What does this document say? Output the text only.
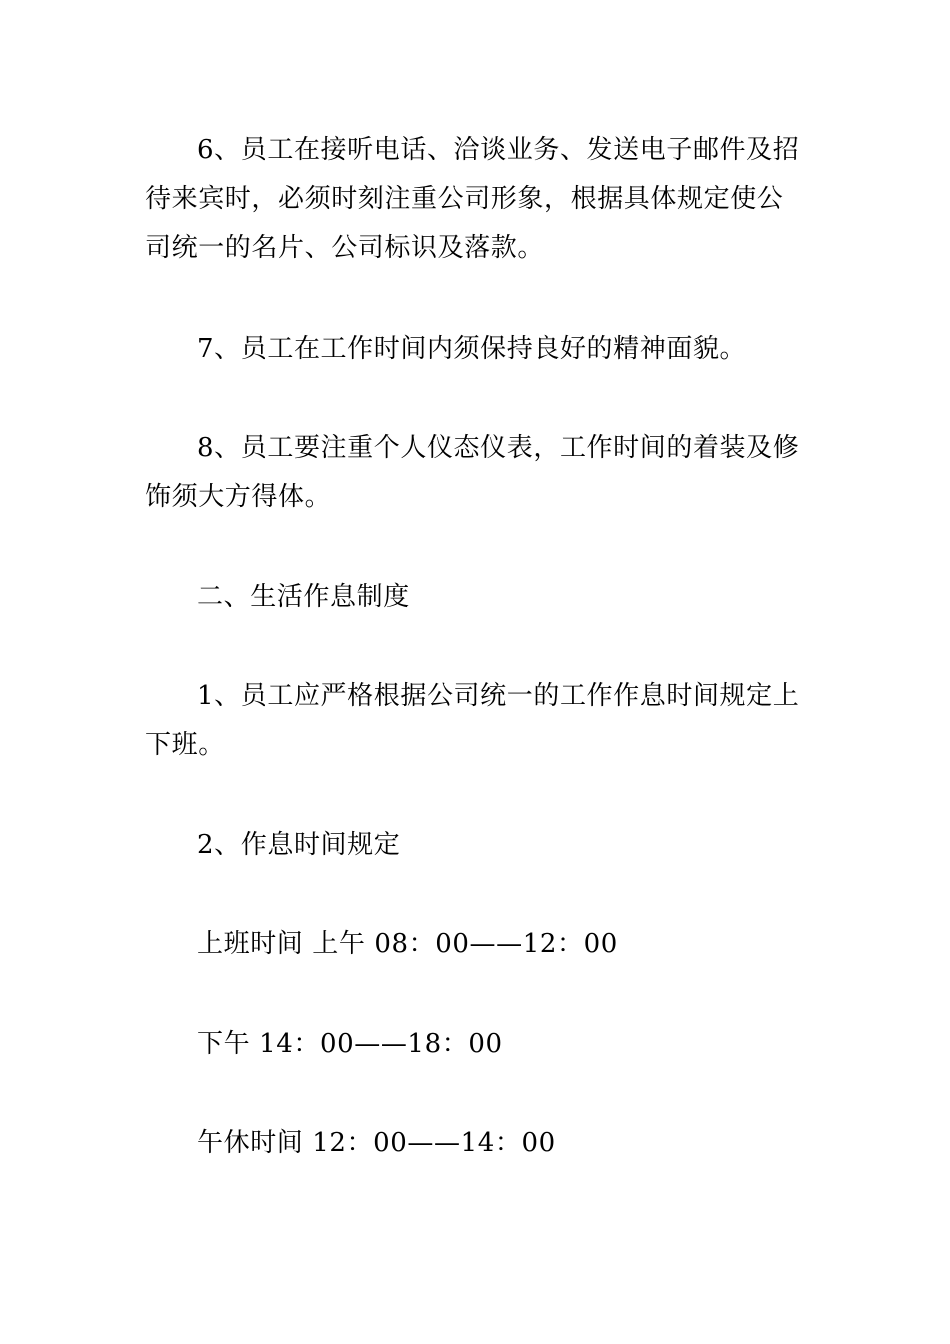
6、员工在接听电话、洽谈业务、发送电子邮件及招待来宾时，必须时刻注重公司形象，根据具体规定使公司统一的名片、公司标识及落款。

7、员工在工作时间内须保持良好的精神面貌。

8、员工要注重个人仪态仪表，工作时间的着装及修饰须大方得体。

二、生活作息制度

1、员工应严格根据公司统一的工作作息时间规定上下班。

2、作息时间规定

上班时间 上午 08：00——12：00

下午 14：00——18：00

午休时间 12：00——14：00
